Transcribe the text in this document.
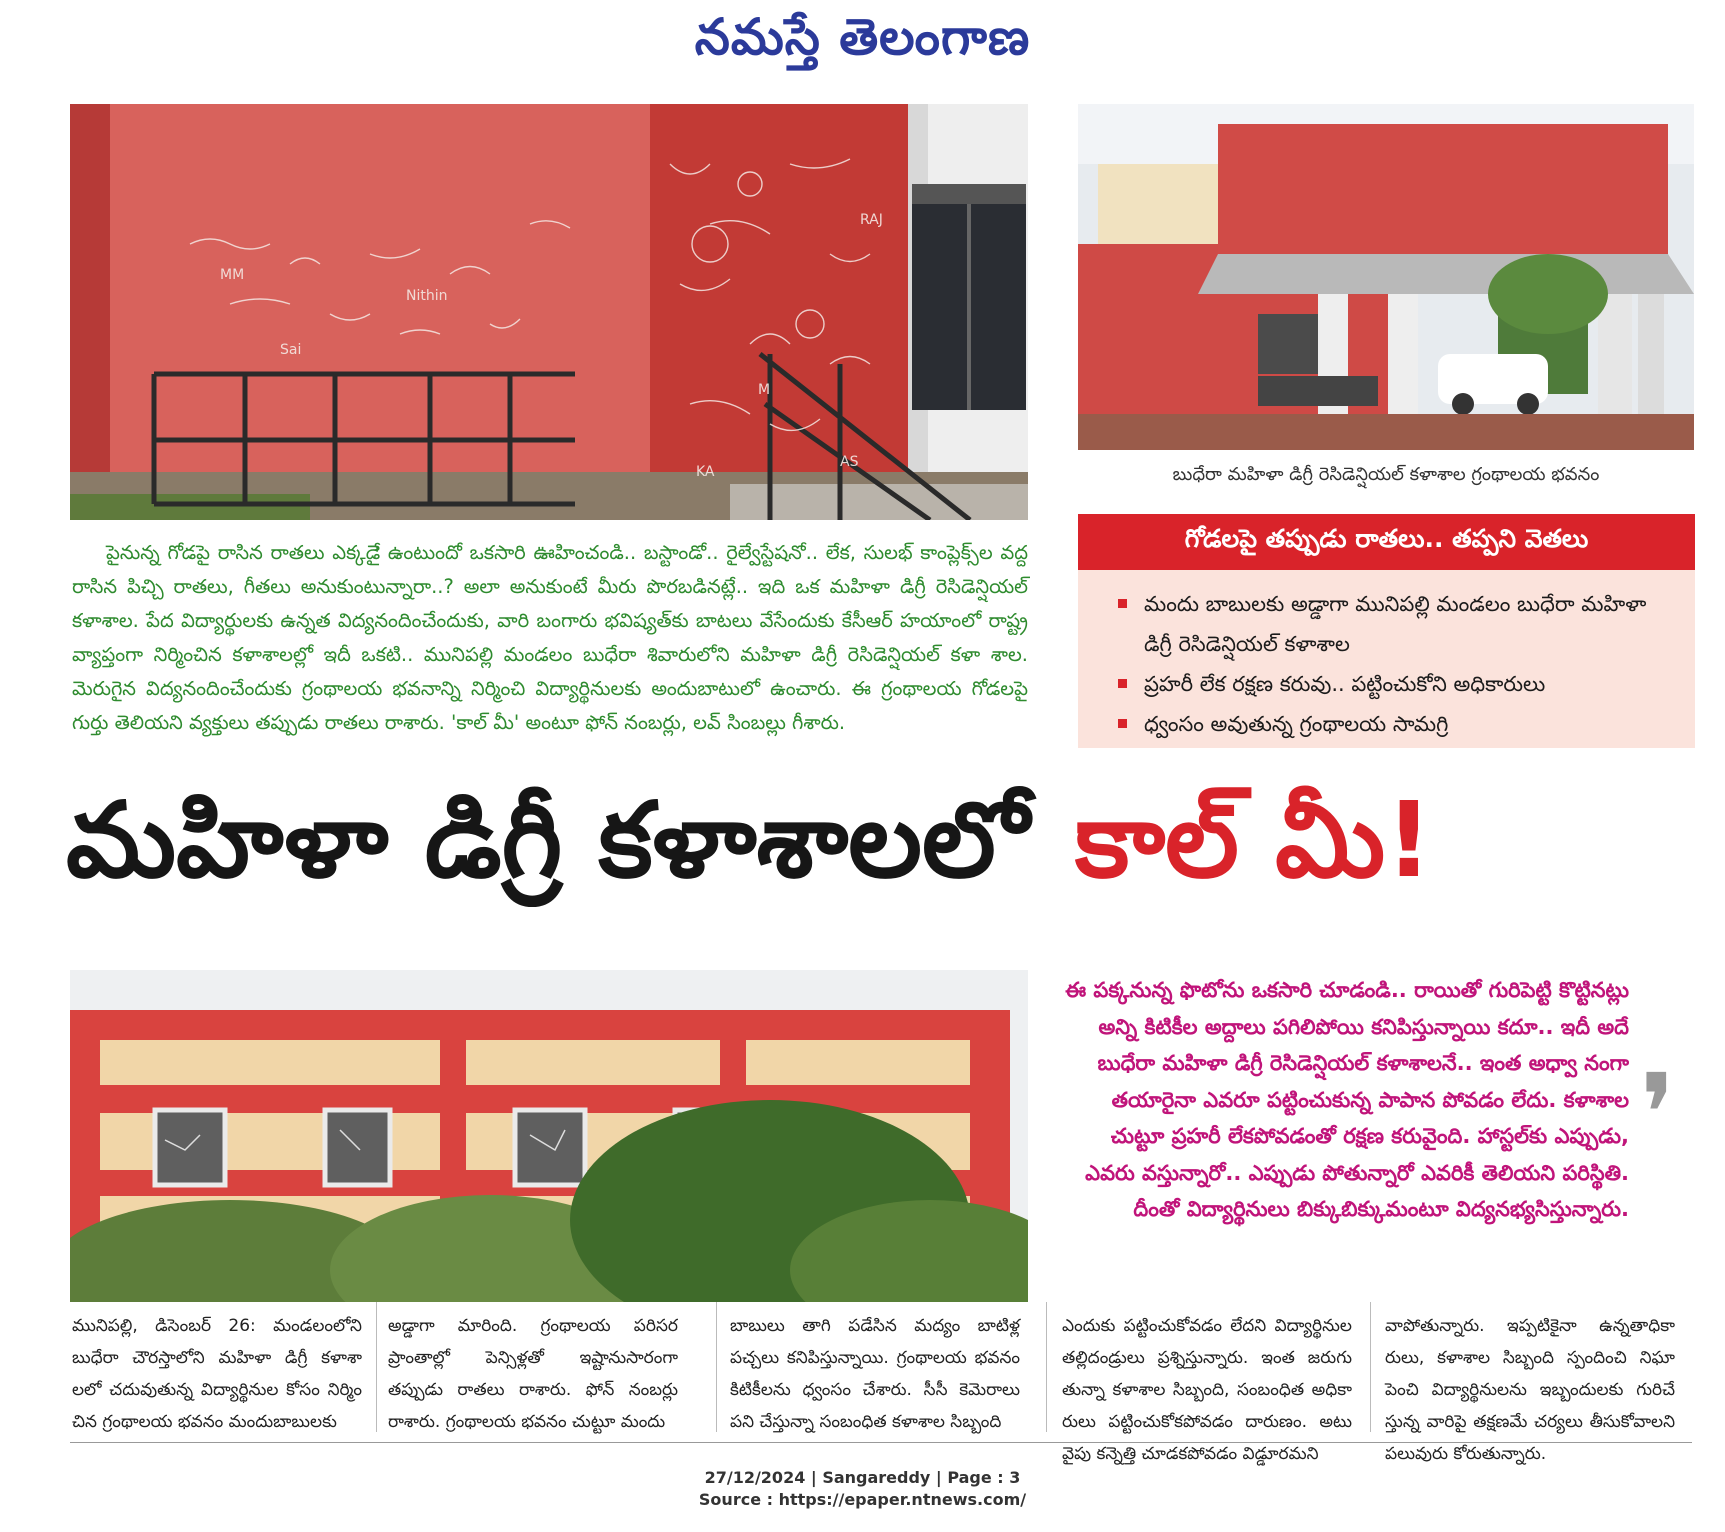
నమస్తే తెలంగాణ
AS
M
Nithin
Sai
RAJ
MM
KA	బుధేరా మహిళా డిగ్రీ రెసిడెన్షియల్ కళాశాల గ్రంథాలయ భవనం

పైనున్న గోడపై రాసిన రాతలు ఎక్కడైే ఉంటుందో ఒకసారి ఊహించండి.. బస్టాండో.. రైల్వేస్టేషనో.. లేక, సులభ్ కాంప్లెక్స్‌ల వద్ద రాసిన పిచ్చి రాతలు, గీతలు అనుకుంటున్నారా..? అలా అనుకుంటే మీరు పొరబడినట్లే.. ఇది ఒక మహిళా డిగ్రీ రెసిడెన్షియల్ కళాశాల. పేద విద్యార్థులకు ఉన్నత విద్యనందించేందుకు, వారి బంగారు భవిష్యత్‌కు బాటలు వేసేందుకు కేసీఆర్ హయాంలో రాష్ట్ర వ్యాప్తంగా నిర్మించిన కళాశాలల్లో ఇదీ ఒకటి.. మునిపల్లి మండలం బుధేరా శివారులోని మహిళా డిగ్రీ రెసిడెన్షియల్ కళా శాల. మెరుగైన విద్యనందించేందుకు గ్రంథాలయ భవనాన్ని నిర్మించి విద్యార్థినులకు అందుబాటులో ఉంచారు. ఈ గ్రంథాలయ గోడలపై గుర్తు తెలియని వ్యక్తులు తప్పుడు రాతలు రాశారు. 'కాల్ మీ' అంటూ ఫోన్ నంబర్లు, లవ్ సింబల్లు గీశారు.

గోడలపై తప్పుడు రాతలు.. తప్పని వెతలు
మందు బాబులకు అడ్డాగా మునిపల్లి మండలం బుధేరా మహిళా డిగ్రీ రెసిడెన్షియల్ కళాశాల
ప్రహరీ లేక రక్షణ కరువు.. పట్టించుకోని అధికారులు
ధ్వంసం అవుతున్న గ్రంథాలయ సామగ్రి
మహిళా డిగ్రీ కళాశాలలో కాల్ మీ!

ఈ పక్కనున్న ఫొటోను ఒకసారి చూడండి.. రాయితో గురిపెట్టి కొట్టినట్లు అన్ని కిటికీల అద్దాలు పగిలిపోయి కనిపిస్తున్నాయి కదూ.. ఇదీ అదే బుధేరా మహిళా డిగ్రీ రెసిడెన్షియల్ కళాశాలనే.. ఇంత అధ్వా నంగా తయారైనా ఎవరూ పట్టించుకున్న పాపాన పోవడం లేదు. కళాశాల చుట్టూ ప్రహరీ లేకపోవడంతో రక్షణ కరువైంది. హాస్టల్‌కు ఎప్పుడు, ఎవరు వస్తున్నారో.. ఎప్పుడు పోతున్నారో ఎవరికీ తెలియని పరిస్థితి. దీంతో విద్యార్థినులు బిక్కుబిక్కుమంటూ విద్యనభ్యసిస్తున్నారు.

❜

మునిపల్లి, డిసెంబర్ 26: మండలంలోని బుధేరా చౌరస్తాలోని మహిళా డిగ్రీ కళాశా లలో చదువుతున్న విద్యార్థినుల కోసం నిర్మిం చిన గ్రంథాలయ భవనం మందుబాబులకు

అడ్డాగా మారింది. గ్రంథాలయ పరిసర ప్రాంతాల్లో పెన్సిళ్లతో ఇష్టానుసారంగా తప్పుడు రాతలు రాశారు. ఫోన్ నంబర్లు రాశారు. గ్రంథాలయ భవనం చుట్టూ మందు

బాబులు తాగి పడేసిన మద్యం బాటిళ్ల పచ్చలు కనిపిస్తున్నాయి. గ్రంథాలయ భవనం కిటికీలను ధ్వంసం చేశారు. సీసీ కెమెరాలు పని చేస్తున్నా సంబంధిత కళాశాల సిబ్బంది

ఎందుకు పట్టించుకోవడం లేదని విద్యార్థినుల తల్లిదండ్రులు ప్రశ్నిస్తున్నారు. ఇంత జరుగు తున్నా కళాశాల సిబ్బంది, సంబంధిత అధికా రులు పట్టించుకోకపోవడం దారుణం. అటు వైపు కన్నెత్తి చూడకపోవడం విడ్డూరమని

వాపోతున్నారు. ఇప్పటికైనా ఉన్నతాధికా రులు, కళాశాల సిబ్బంది స్పందించి నిఘా పెంచి విద్యార్థినులను ఇబ్బందులకు గురిచే స్తున్న వారిపై తక్షణమే చర్యలు తీసుకోవాలని పలువురు కోరుతున్నారు.

27/12/2024 | Sangareddy | Page : 3
Source : https://epaper.ntnews.com/
